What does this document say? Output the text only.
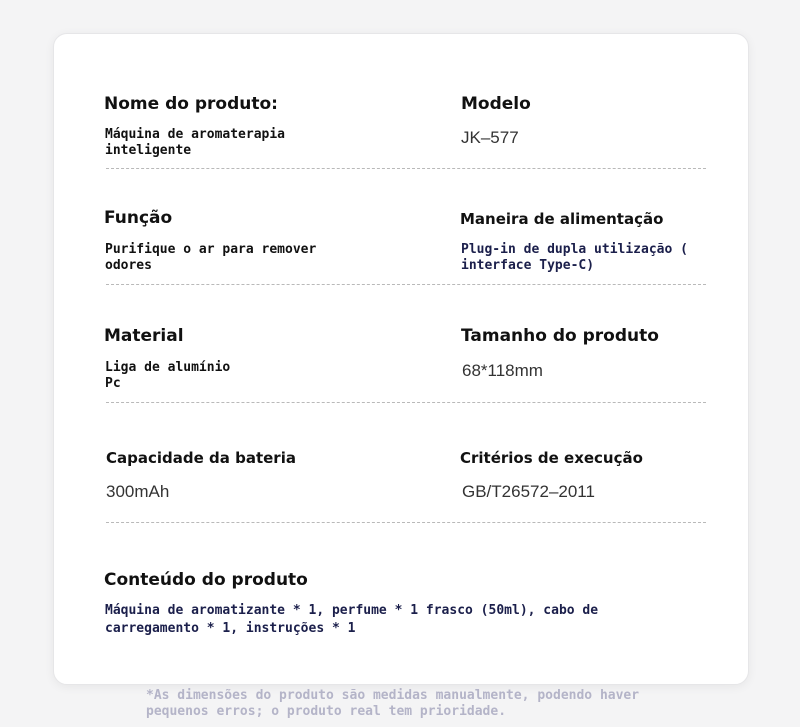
Nome do produto:
Máquina de aromaterapia
inteligente
Modelo
JK–577
Função
Purifique o ar para remover
odores
Maneira de alimentação
Plug-in de dupla utilização (
interface Type-C)
Material
Liga de alumínio
Pc
Tamanho do produto
68*118mm
Capacidade da bateria
300mAh
Critérios de execução
GB/T26572–2011
Conteúdo do produto
Máquina de aromatizante * 1, perfume * 1 frasco (50ml), cabo de
carregamento * 1, instruções * 1
*As dimensões do produto são medidas manualmente, podendo haver
pequenos erros; o produto real tem prioridade.
